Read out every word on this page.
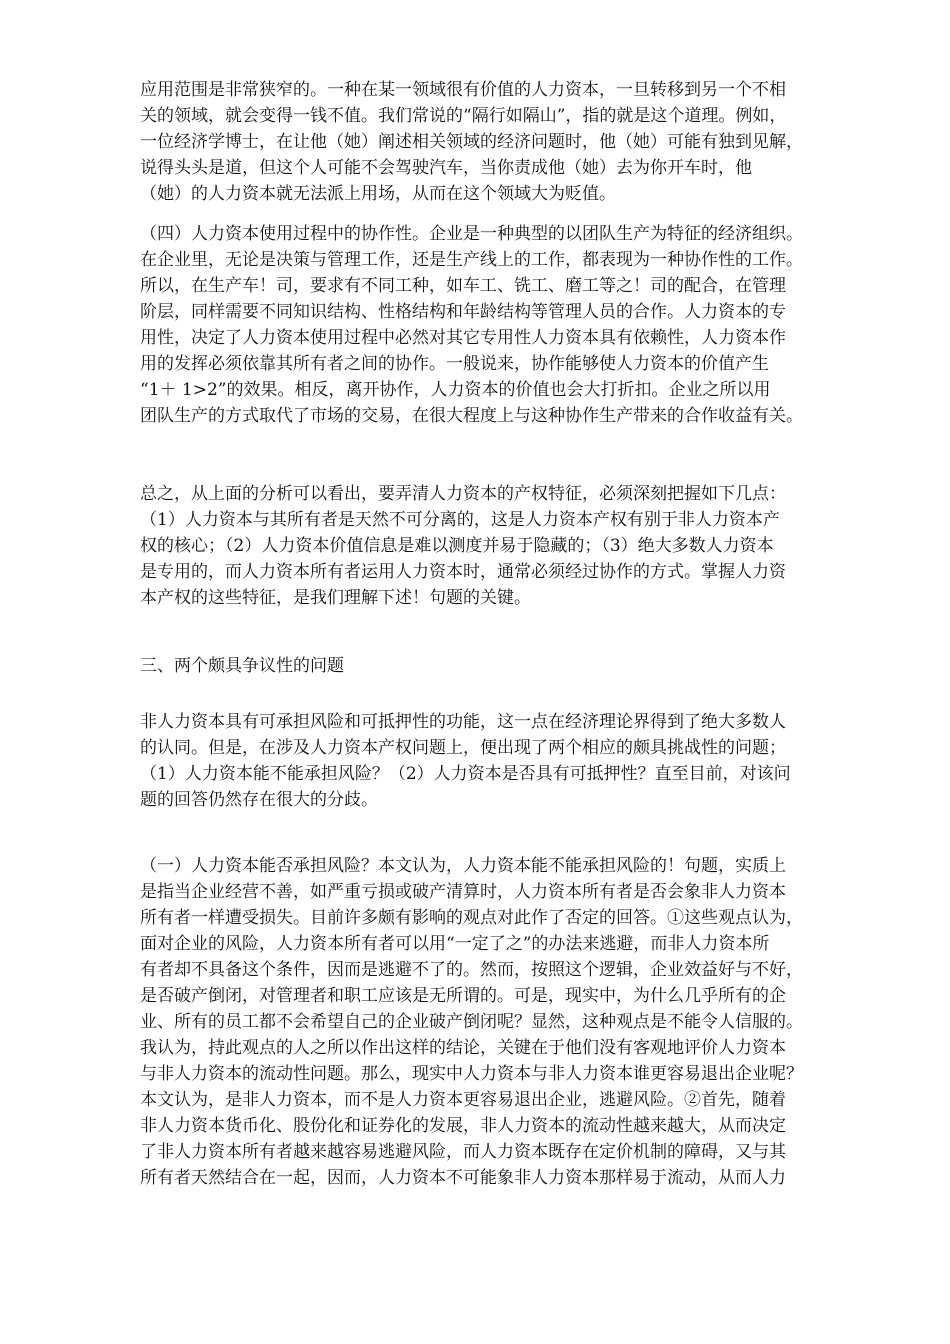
应用范围是非常狭窄的。一种在某一领域很有价值的人力资本，一旦转移到另一个不相
关的领域，就会变得一钱不值。我们常说的“隔行如隔山”，指的就是这个道理。例如，
一位经济学博士，在让他（她）阐述相关领域的经济问题时，他（她）可能有独到见解，
说得头头是道，但这个人可能不会驾驶汽车，当你责成他（她）去为你开车时，他
（她）的人力资本就无法派上用场，从而在这个领域大为贬值。
（四）人力资本使用过程中的协作性。企业是一种典型的以团队生产为特征的经济组织。
在企业里，无论是决策与管理工作，还是生产线上的工作，都表现为一种协作性的工作。
所以，在生产车！司，要求有不同工种，如车工、铣工、磨工等之！司的配合，在管理
阶层，同样需要不同知识结构、性格结构和年龄结构等管理人员的合作。人力资本的专
用性，决定了人力资本使用过程中必然对其它专用性人力资本具有依赖性，人力资本作
用的发挥必须依靠其所有者之间的协作。一般说来，协作能够使人力资本的价值产生
“1＋ 1>2”的效果。相反，离开协作，人力资本的价值也会大打折扣。企业之所以用
团队生产的方式取代了市场的交易，在很大程度上与这种协作生产带来的合作收益有关。
总之，从上面的分析可以看出，要弄清人力资本的产权特征，必须深刻把握如下几点：
（1）人力资本与其所有者是天然不可分离的，这是人力资本产权有别于非人力资本产
权的核心；（2）人力资本价值信息是难以测度并易于隐藏的；（3）绝大多数人力资本
是专用的，而人力资本所有者运用人力资本时，通常必须经过协作的方式。掌握人力资
本产权的这些特征，是我们理解下述！句题的关键。
三、两个颇具争议性的问题
非人力资本具有可承担风险和可抵押性的功能，这一点在经济理论界得到了绝大多数人
的认同。但是，在涉及人力资本产权问题上，便出现了两个相应的颇具挑战性的问题；
（1）人力资本能不能承担风险？（2）人力资本是否具有可抵押性？直至目前，对该问
题的回答仍然存在很大的分歧。
（一）人力资本能否承担风险？本文认为，人力资本能不能承担风险的！句题，实质上
是指当企业经营不善，如严重亏损或破产清算时，人力资本所有者是否会象非人力资本
所有者一样遭受损失。目前许多颇有影响的观点对此作了否定的回答。①这些观点认为，
面对企业的风险，人力资本所有者可以用“一定了之”的办法来逃避，而非人力资本所
有者却不具备这个条件，因而是逃避不了的。然而，按照这个逻辑，企业效益好与不好，
是否破产倒闭，对管理者和职工应该是无所谓的。可是，现实中，为什么几乎所有的企
业、所有的员工都不会希望自己的企业破产倒闭呢？显然，这种观点是不能令人信服的。
我认为，持此观点的人之所以作出这样的结论，关键在于他们没有客观地评价人力资本
与非人力资本的流动性问题。那么，现实中人力资本与非人力资本谁更容易退出企业呢？
本文认为，是非人力资本，而不是人力资本更容易退出企业，逃避风险。②首先，随着
非人力资本货币化、股份化和证券化的发展，非人力资本的流动性越来越大，从而决定
了非人力资本所有者越来越容易逃避风险，而人力资本既存在定价机制的障碍，又与其
所有者天然结合在一起，因而，人力资本不可能象非人力资本那样易于流动，从而人力
